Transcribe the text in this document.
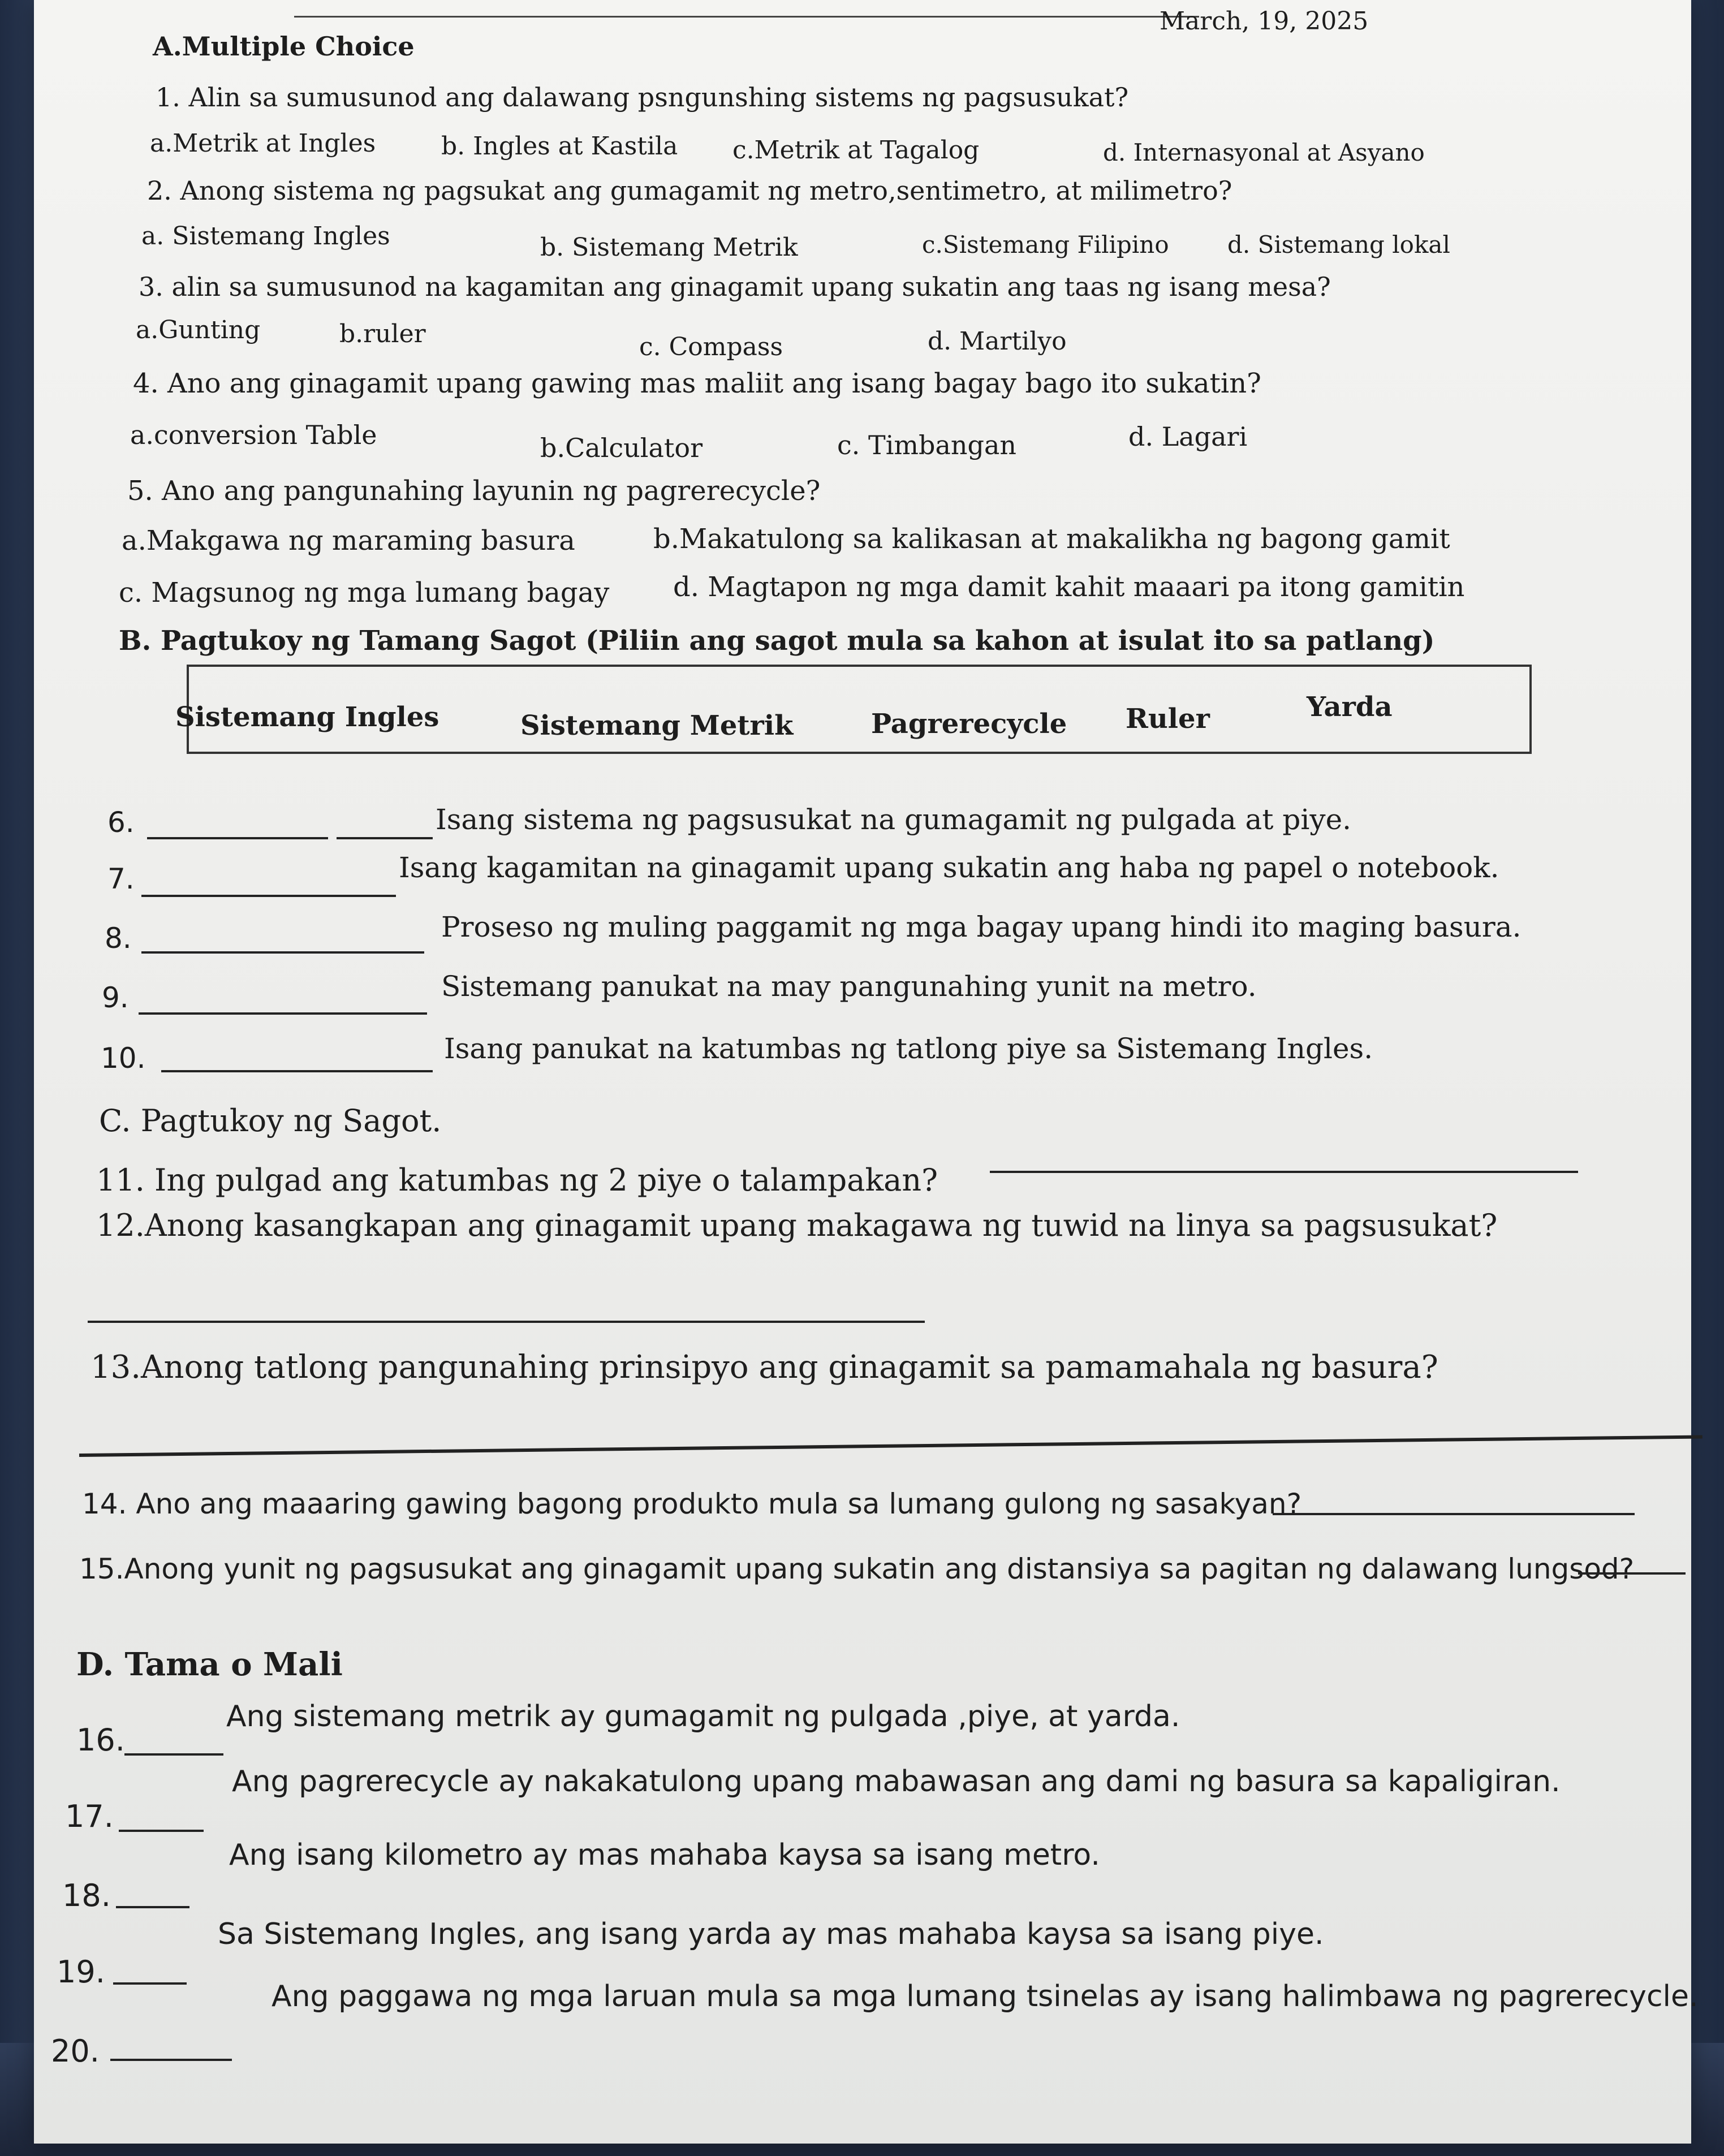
March, 19, 2025
A.Multiple Choice
1. Alin sa sumusunod ang dalawang psngunshing sistems ng pagsusukat?
a.Metrik at Ingles	b. Ingles at Kastila c.Metrik at Tagalog	d. Internasyonal at Asyano
2. Anong sistema ng pagsukat ang gumagamit ng metro,sentimetro, at milimetro?
a. Sistemang Ingles	b. Sistemang Metrik	c.Sistemang Filipino d. Sistemang lokal
3. alin sa sumusunod na kagamitan ang ginagamit upang sukatin ang taas ng isang mesa?
a.Gunting	b.ruler	c. Compass	d. Martilyo
4. Ano ang ginagamit upang gawing mas maliit ang isang bagay bago ito sukatin?
a.conversion Table	b.Calculator	c. Timbangan	d. Lagari
5. Ano ang pangunahing layunin ng pagrerecycle?
a.Makgawa ng maraming basura	b.Makatulong sa kalikasan at makalikha ng bagong gamit
c. Magsunog ng mga lumang bagay d. Magtapon ng mga damit kahit maaari pa itong gamitin
B. Pagtukoy ng Tamang Sagot (Piliin ang sagot mula sa kahon at isulat ito sa patlang)
Sistemang Ingles	Sistemang Metrik	Pagrerecycle Ruler	Yarda
6.	Isang sistema ng pagsusukat na gumagamit ng pulgada at piye.
7.	Isang kagamitan na ginagamit upang sukatin ang haba ng papel o notebook.
8.	Proseso ng muling paggamit ng mga bagay upang hindi ito maging basura.
9.	Sistemang panukat na may pangunahing yunit na metro.
10.	Isang panukat na katumbas ng tatlong piye sa Sistemang Ingles.
C. Pagtukoy ng Sagot.
11. Ing pulgad ang katumbas ng 2 piye o talampakan?
12.Anong kasangkapan ang ginagamit upang makagawa ng tuwid na linya sa pagsusukat?
13.Anong tatlong pangunahing prinsipyo ang ginagamit sa pamamahala ng basura?
14. Ano ang maaaring gawing bagong produkto mula sa lumang gulong ng sasakyan?
15.Anong yunit ng pagsusukat ang ginagamit upang sukatin ang distansiya sa pagitan ng dalawang lungsod?
D. Tama o Mali
16.
Ang sistemang metrik ay gumagamit ng pulgada ,piye, at yarda.
17.
Ang pagrerecycle ay nakakatulong upang mabawasan ang dami ng basura sa kapaligiran.
18.
Ang isang kilometro ay mas mahaba kaysa sa isang metro.
19.
Sa Sistemang Ingles, ang isang yarda ay mas mahaba kaysa sa isang piye.
20.
Ang paggawa ng mga laruan mula sa mga lumang tsinelas ay isang halimbawa ng pagrerecycle.
